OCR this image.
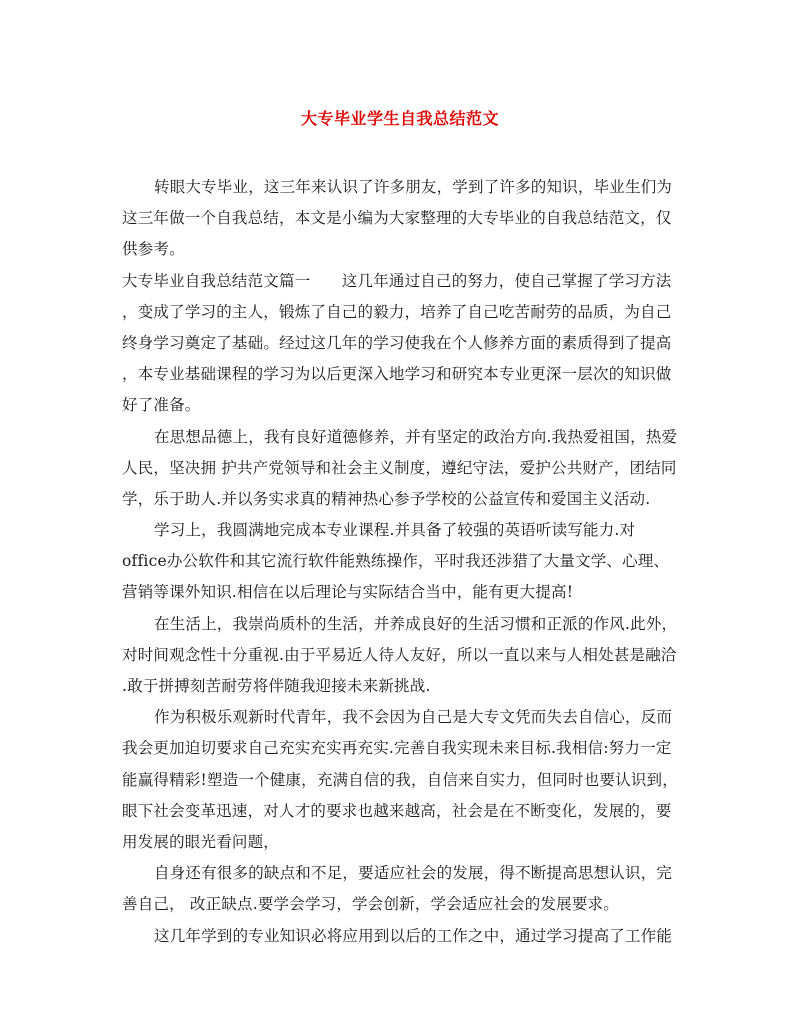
大专毕业学生自我总结范文
转眼大专毕业，这三年来认识了许多朋友，学到了许多的知识，毕业生们为
这三年做一个自我总结，本文是小编为大家整理的大专毕业的自我总结范文，仅
供参考。
大专毕业自我总结范文篇一　　这几年通过自己的努力，使自己掌握了学习方法
，变成了学习的主人，锻炼了自己的毅力，培养了自己吃苦耐劳的品质，为自己
终身学习奠定了基础。经过这几年的学习使我在个人修养方面的素质得到了提高
，本专业基础课程的学习为以后更深入地学习和研究本专业更深一层次的知识做
好了准备。
在思想品德上，我有良好道德修养，并有坚定的政治方向.我热爱祖国，热爱
人民，坚决拥 护共产党领导和社会主义制度，遵纪守法，爱护公共财产，团结同
学，乐于助人.并以务实求真的精神热心参予学校的公益宣传和爱国主义活动.
学习上，我圆满地完成本专业课程.并具备了较强的英语听读写能力.对
office办公软件和其它流行软件能熟练操作，平时我还涉猎了大量文学、心理、
营销等课外知识.相信在以后理论与实际结合当中，能有更大提高!
在生活上，我崇尚质朴的生活，并养成良好的生活习惯和正派的作风.此外，
对时间观念性十分重视.由于平易近人待人友好，所以一直以来与人相处甚是融洽
.敢于拼搏刻苦耐劳将伴随我迎接未来新挑战.
作为积极乐观新时代青年，我不会因为自己是大专文凭而失去自信心，反而
我会更加迫切要求自己充实充实再充实.完善自我实现未来目标.我相信:努力一定
能赢得精彩!塑造一个健康，充满自信的我，自信来自实力，但同时也要认识到，
眼下社会变革迅速，对人才的要求也越来越高，社会是在不断变化，发展的，要
用发展的眼光看问题，
自身还有很多的缺点和不足，要适应社会的发展，得不断提高思想认识，完
善自己， 改正缺点.要学会学习，学会创新，学会适应社会的发展要求。
这几年学到的专业知识必将应用到以后的工作之中，通过学习提高了工作能
